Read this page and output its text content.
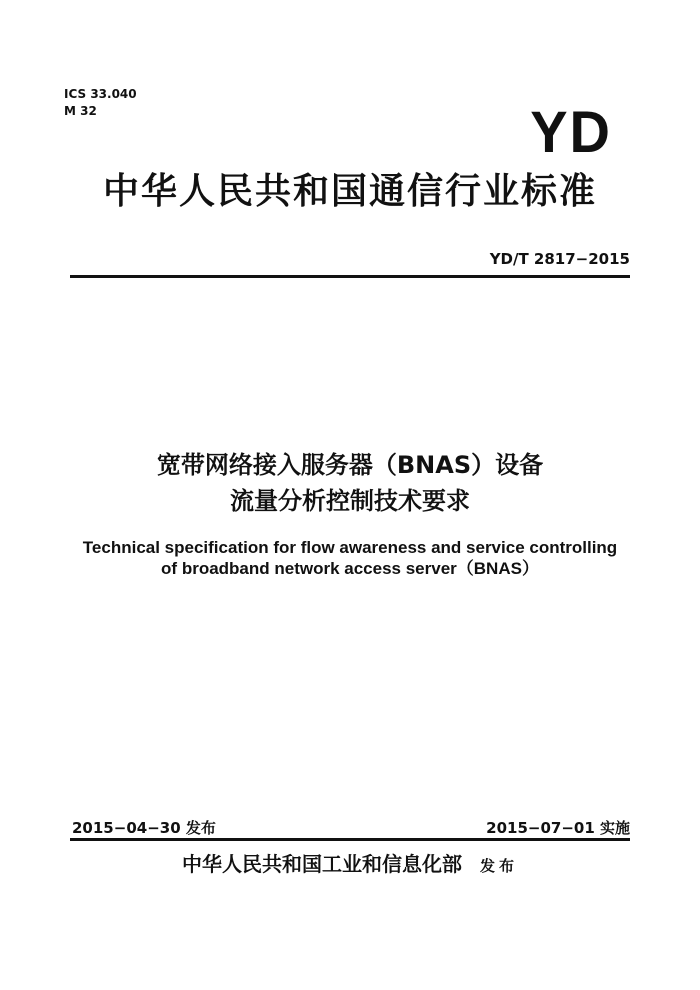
ICS 33.040
M 32	YD
中华人民共和国通信行业标准
YD/T 2817−2015
宽带网络接入服务器（BNAS）设备
流量分析控制技术要求
Technical specification for flow awareness and service controlling
of broadband network access server（BNAS）
2015−04−30 发布	2015−07−01 实施
中华人民共和国工业和信息化部 发布
